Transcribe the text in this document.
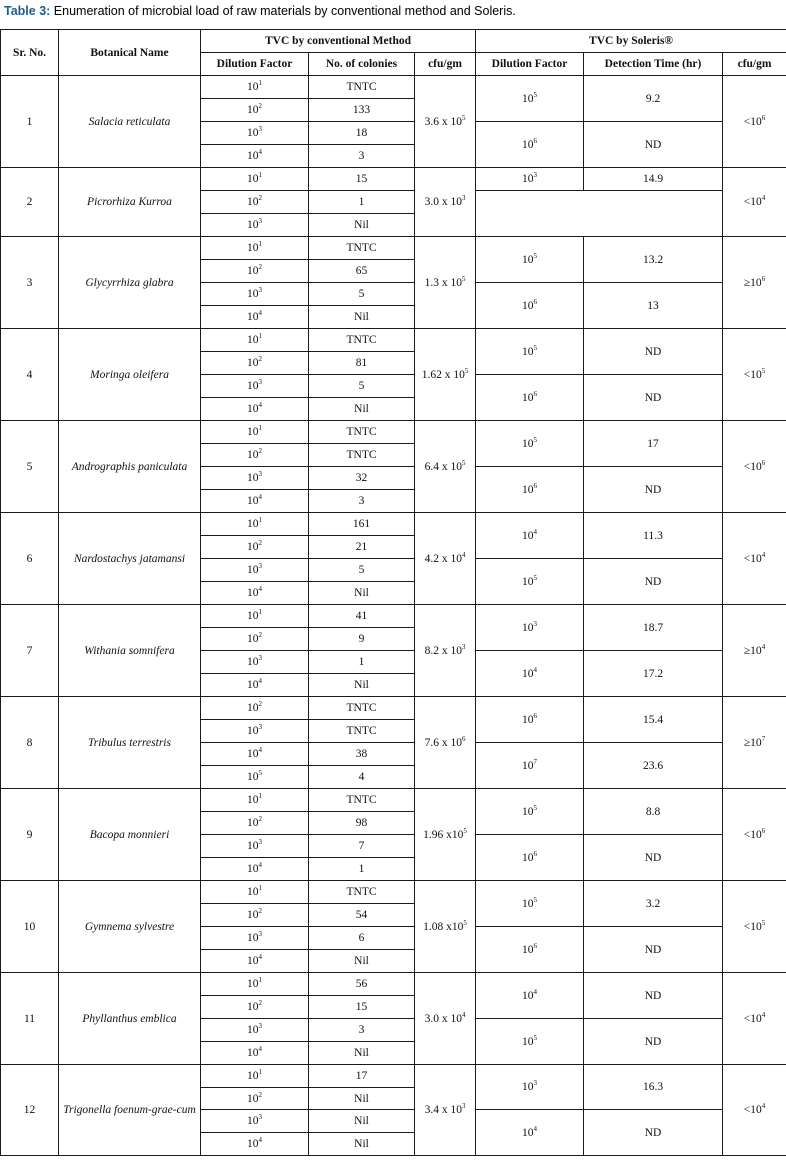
Table 3: Enumeration of microbial load of raw materials by conventional method and Soleris.
Sr. No.	Botanical Name	TVC by conventional Method			TVC by Soleris®		
		Dilution Factor	No. of colonies	cfu/gm	Dilution Factor	Detection Time (hr)	cfu/gm
1	Salacia reticulata	$10^1$	TNTC	3.6 x $10^5$	$10^5$	9.2	$<10^6$
		$10^2$	133				
		$10^3$	18		$10^6$	ND	
		$10^4$	3				
2	Picrorhiza Kurroa	$10^1$	15	3.0 x $10^3$	$10^3$	14.9	$<10^4$
		$10^2$	1				
		$10^3$	Nil				
3	Glycyrrhiza glabra	$10^1$	TNTC	1.3 x $10^5$	$10^5$	13.2	$\ge 10^6$
		$10^2$	65				
		$10^3$	5		$10^6$	13	
		$10^4$	Nil				
4	Moringa oleifera	$10^1$	TNTC	1.62 x $10^5$	$10^5$	ND	$<10^5$
		$10^2$	81				
		$10^3$	5		$10^6$	ND	
		$10^4$	Nil				
5	Andrographis paniculata	$10^1$	TNTC	6.4 x $10^5$	$10^5$	17	$<10^6$
		$10^2$	TNTC				
		$10^3$	32		$10^6$	ND	
		$10^4$	3				
6	Nardostachys jatamansi	$10^1$	161	4.2 x $10^4$	$10^4$	11.3	$<10^4$
		$10^2$	21				
		$10^3$	5		$10^5$	ND	
		$10^4$	Nil				
7	Withania somnifera	$10^1$	41	8.2 x $10^3$	$10^3$	18.7	$\ge 10^4$
		$10^2$	9				
		$10^3$	1		$10^4$	17.2	
		$10^4$	Nil				
8	Tribulus terrestris	$10^2$	TNTC	7.6 x $10^6$	$10^6$	15.4	$\ge 10^7$
		$10^3$	TNTC				
		$10^4$	38		$10^7$	23.6	
		$10^5$	4				
9	Bacopa monnieri	$10^1$	TNTC	1.96 $x10^5$	$10^5$	8.8	$<10^6$
		$10^2$	98				
		$10^3$	7		$10^6$	ND	
		$10^4$	1				
10	Gymnema sylvestre	$10^1$	TNTC	1.08 $x10^5$	$10^5$	3.2	$<10^5$
		$10^2$	54				
		$10^3$	6		$10^6$	ND	
		$10^4$	Nil				
11	Phyllanthus emblica	$10^1$	56	3.0 x $10^4$	$10^4$	ND	$<10^4$
		$10^2$	15				
		$10^3$	3		$10^5$	ND	
		$10^4$	Nil				
12	Trigonella foenum-grae-cum	$10^1$	17	3.4 x $10^3$	$10^3$	16.3	$<10^4$
		$10^2$	Nil				
		$10^3$	Nil		$10^4$	ND	
		$10^4$	Nil				
